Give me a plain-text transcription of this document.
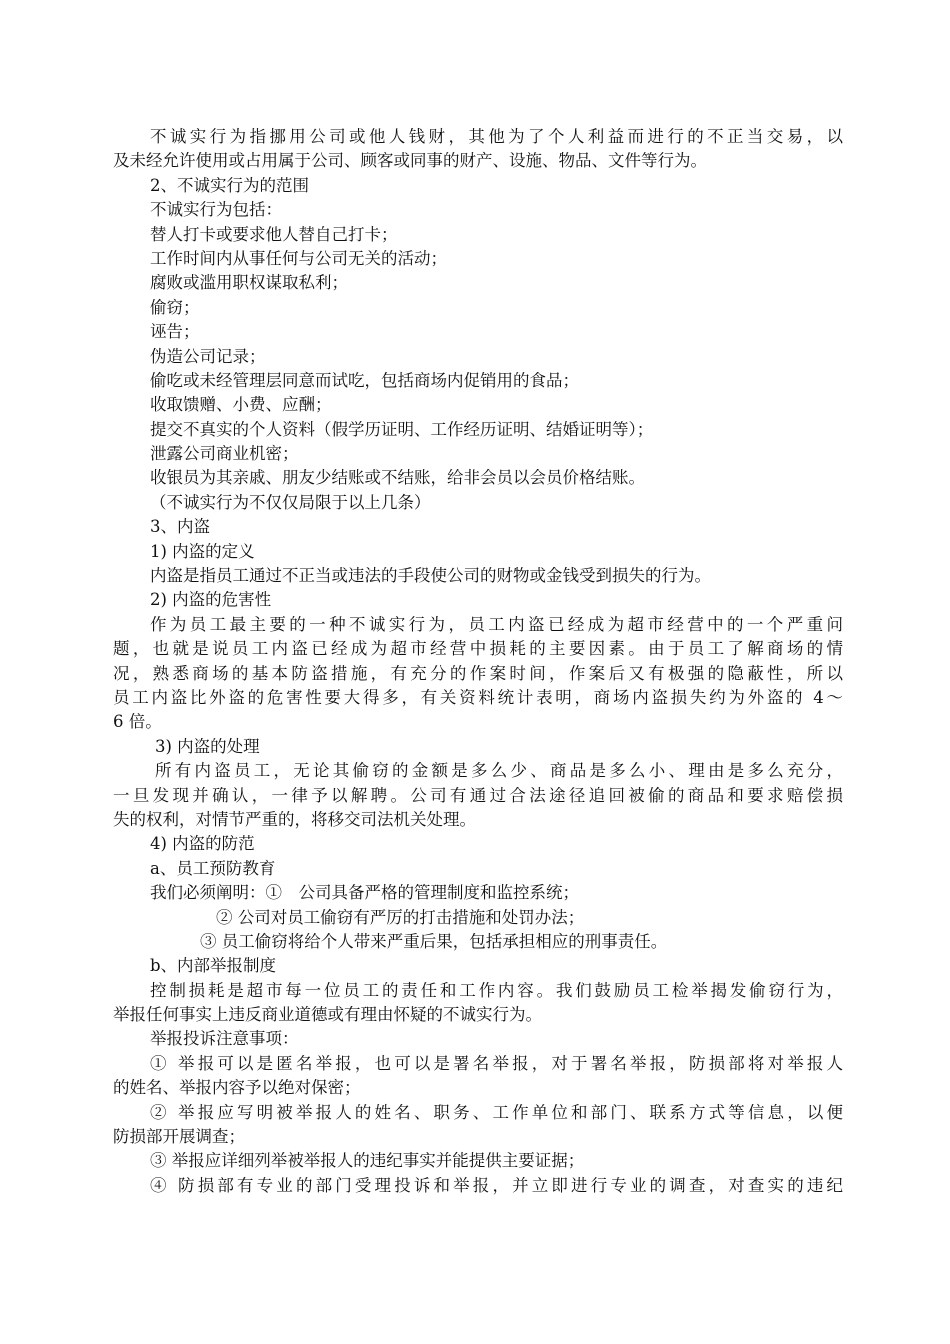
不诚实行为指挪用公司或他人钱财，其他为了个人利益而进行的不正当交易，以
及未经允许使用或占用属于公司、顾客或同事的财产、设施、物品、文件等行为。
2、不诚实行为的范围
不诚实行为包括：
替人打卡或要求他人替自己打卡；
工作时间内从事任何与公司无关的活动；
腐败或滥用职权谋取私利；
偷窃；
诬告；
伪造公司记录；
偷吃或未经管理层同意而试吃，包括商场内促销用的食品；
收取馈赠、小费、应酬；
提交不真实的个人资料（假学历证明、工作经历证明、结婚证明等）；
泄露公司商业机密；
收银员为其亲戚、朋友少结账或不结账，给非会员以会员价格结账。
（不诚实行为不仅仅局限于以上几条）
3、内盗
1) 内盗的定义
内盗是指员工通过不正当或违法的手段使公司的财物或金钱受到损失的行为。
2) 内盗的危害性
作为员工最主要的一种不诚实行为，员工内盗已经成为超市经营中的一个严重问
题，也就是说员工内盗已经成为超市经营中损耗的主要因素。由于员工了解商场的情
况，熟悉商场的基本防盗措施，有充分的作案时间，作案后又有极强的隐蔽性，所以
员工内盗比外盗的危害性要大得多，有关资料统计表明，商场内盗损失约为外盗的 4～
6 倍。
3) 内盗的处理
所有内盗员工，无论其偷窃的金额是多么少、商品是多么小、理由是多么充分，
一旦发现并确认，一律予以解聘。公司有通过合法途径追回被偷的商品和要求赔偿损
失的权利，对情节严重的，将移交司法机关处理。
4) 内盗的防范
a、员工预防教育
我们必须阐明：①　公司具备严格的管理制度和监控系统；
② 公司对员工偷窃有严厉的打击措施和处罚办法；
③ 员工偷窃将给个人带来严重后果，包括承担相应的刑事责任。
b、内部举报制度
控制损耗是超市每一位员工的责任和工作内容。我们鼓励员工检举揭发偷窃行为，
举报任何事实上违反商业道德或有理由怀疑的不诚实行为。
举报投诉注意事项：
① 举报可以是匿名举报，也可以是署名举报，对于署名举报，防损部将对举报人
的姓名、举报内容予以绝对保密；
② 举报应写明被举报人的姓名、职务、工作单位和部门、联系方式等信息，以便
防损部开展调查；
③ 举报应详细列举被举报人的违纪事实并能提供主要证据；
④ 防损部有专业的部门受理投诉和举报，并立即进行专业的调查，对查实的违纪
